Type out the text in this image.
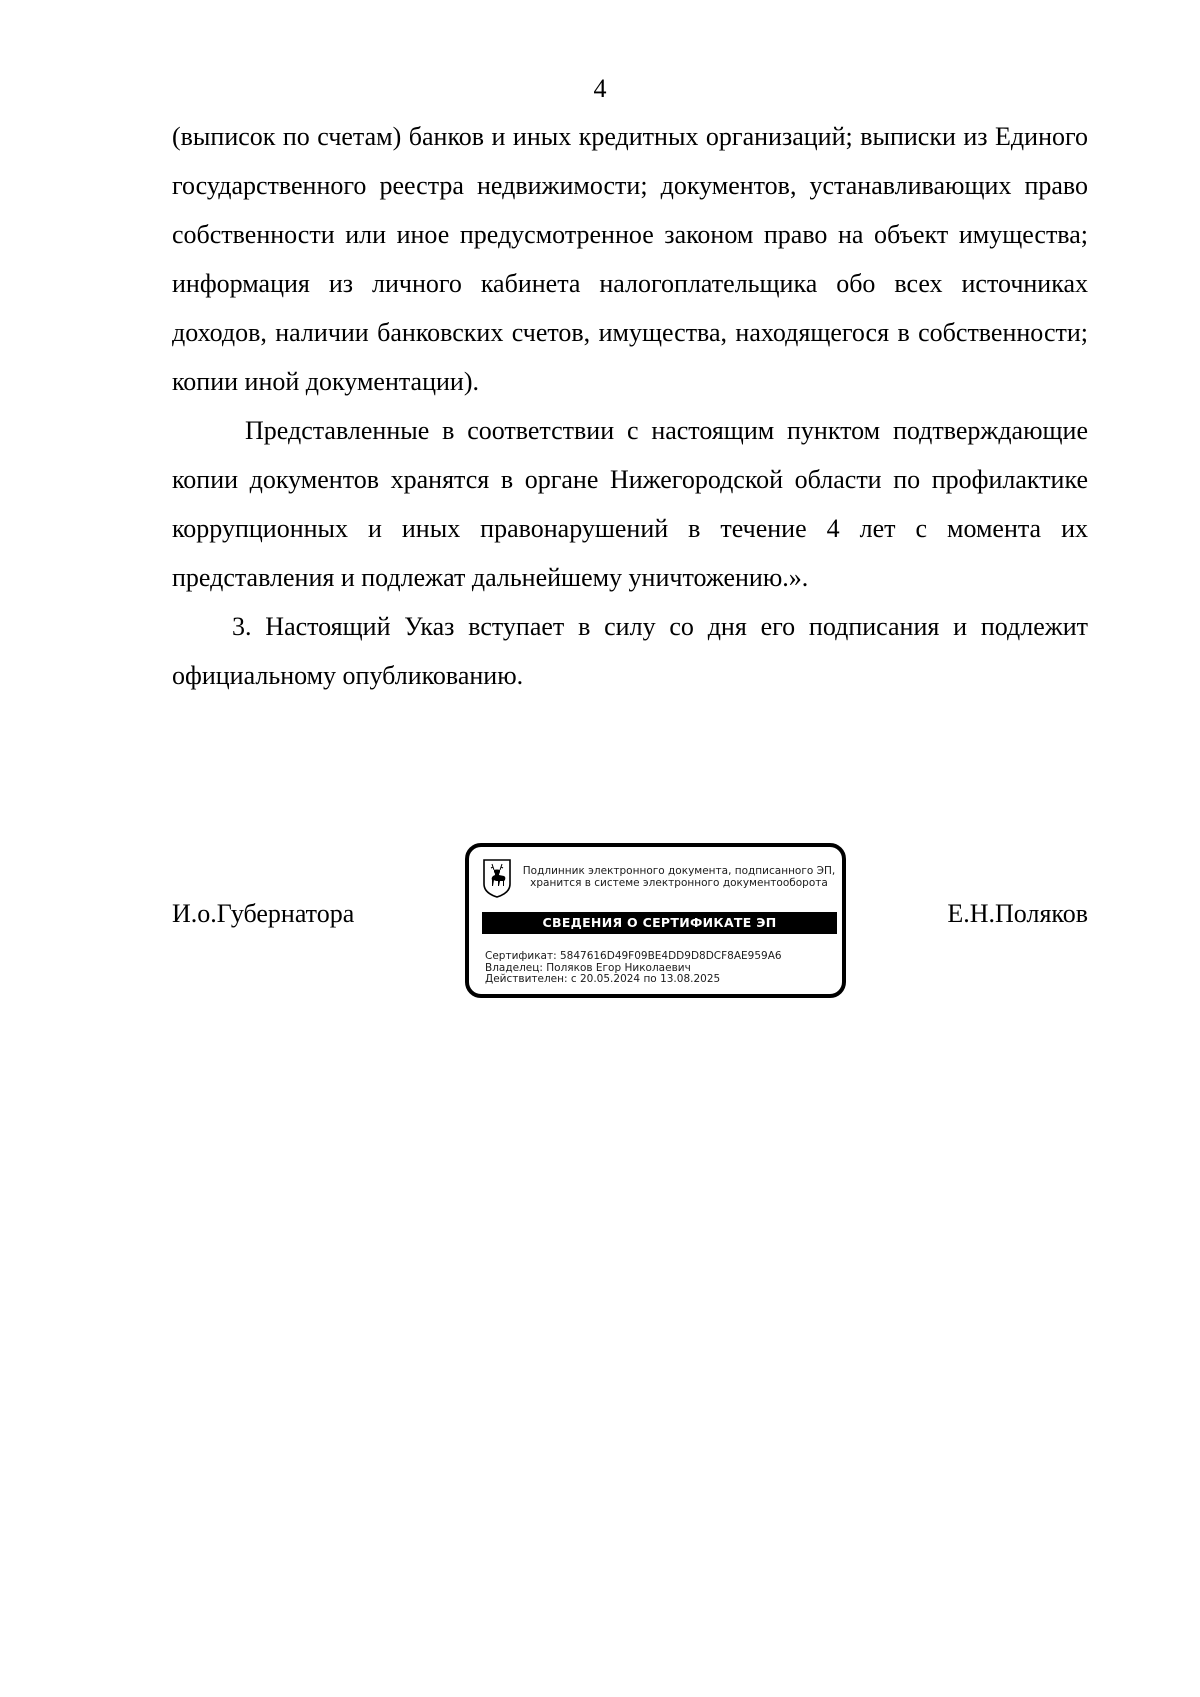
4

(выписок по счетам) банков и иных кредитных организаций; выписки из Единого государственного реестра недвижимости; документов, устанавливающих право собственности или иное предусмотренное законом право на объект имущества; информация из личного кабинета налогоплательщика обо всех источниках доходов, наличии банковских счетов, имущества, находящегося в собственности; копии иной документации).

Представленные в соответствии с настоящим пунктом подтверждающие копии документов хранятся в органе Нижегородской области по профилактике коррупционных и иных правонарушений в течение 4 лет с момента их представления и подлежат дальнейшему уничтожению.».

3. Настоящий Указ вступает в силу со дня его подписания и подлежит официальному опубликованию.

И.о.Губернатора
Подлинник электронного документа, подписанного ЭП,
хранится в системе электронного документооборота
СВЕДЕНИЯ О СЕРТИФИКАТЕ ЭП
Сертификат: 5847616D49F09BE4DD9D8DCF8AE959A6
Владелец: Поляков Егор Николаевич
Действителен: с 20.05.2024 по 13.08.2025
Е.Н.Поляков
